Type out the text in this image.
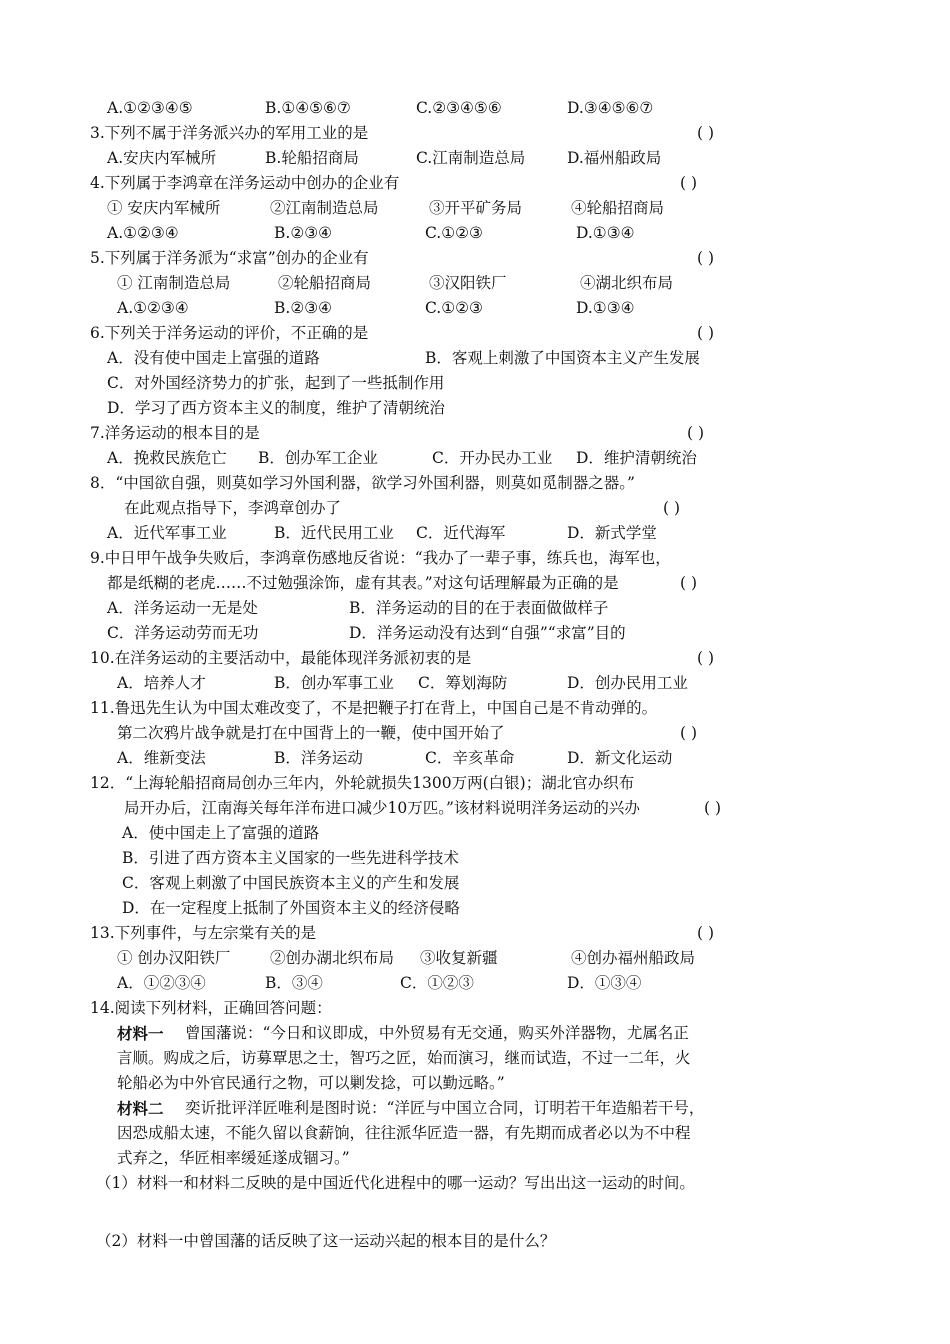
A.①②③④⑤	B.①④⑤⑥⑦	C.②③④⑤⑥	D.③④⑤⑥⑦
3.下列不属于洋务派兴办的军用工业的是	( )
A.安庆内军械所	B.轮船招商局	C.江南制造总局	D.福州船政局
4.下列属于李鸿章在洋务运动中创办的企业有	( )
① 安庆内军械所	②江南制造总局	③开平矿务局	④轮船招商局
A.①②③④	B.②③④	C.①②③	D.①③④
5.下列属于洋务派为“求富”创办的企业有	( )
① 江南制造总局	②轮船招商局	③汉阳铁厂	④湖北织布局
A.①②③④	B.②③④	C.①②③	D.①③④
6.下列关于洋务运动的评价，不正确的是	( )
A．没有使中国走上富强的道路	B．客观上刺激了中国资本主义产生发展
C．对外国经济势力的扩张，起到了一些抵制作用
D．学习了西方资本主义的制度，维护了清朝统治
7.洋务运动的根本目的是	( )
A．挽救民族危亡 B．创办军工企业	C．开办民办工业 D．维护清朝统治
8．“中国欲自强，则莫如学习外国利器，欲学习外国利器，则莫如觅制器之器。”
在此观点指导下，李鸿章创办了	( )
A．近代军事工业	B．近代民用工业 C．近代海军	D．新式学堂
9.中日甲午战争失败后，李鸿章伤感地反省说：“我办了一辈子事，练兵也，海军也，
都是纸糊的老虎……不过勉强涂饰，虚有其表。”对这句话理解最为正确的是	( )
A．洋务运动一无是处	B．洋务运动的目的在于表面做做样子
C．洋务运动劳而无功	D．洋务运动没有达到“自强”“求富”目的
10.在洋务运动的主要活动中，最能体现洋务派初衷的是	( )
A．培养人才	B．创办军事工业 C．筹划海防	D．创办民用工业
11.鲁迅先生认为中国太难改变了，不是把鞭子打在背上，中国自己是不肯动弹的。
第二次鸦片战争就是打在中国背上的一鞭，使中国开始了	( )
A．维新变法	B．洋务运动	C．辛亥革命	D．新文化运动
12．“上海轮船招商局创办三年内，外轮就损失1300万两(白银)；湖北官办织布
局开办后，江南海关每年洋布进口减少10万匹。”该材料说明洋务运动的兴办	( )
A．使中国走上了富强的道路
B．引进了西方资本主义国家的一些先进科学技术
C．客观上刺激了中国民族资本主义的产生和发展
D．在一定程度上抵制了外国资本主义的经济侵略
13.下列事件，与左宗棠有关的是	( )
① 创办汉阳铁厂	②创办湖北织布局 ③收复新疆	④创办福州船政局
A．①②③④	B．③④	C．①②③	D．①③④
14.阅读下列材料，正确回答问题：
材料一 曾国藩说：“今日和议即成，中外贸易有无交通，购买外洋器物，尤属名正
言顺。购成之后，访募覃思之士，智巧之匠，始而演习，继而试造，不过一二年，火
轮船必为中外官民通行之物，可以剿发捻，可以勤远略。”
材料二 奕䜣批评洋匠唯利是图时说：“洋匠与中国立合同，订明若干年造船若干号，
因恐成船太速，不能久留以食薪饷，往往派华匠造一器，有先期而成者必以为不中程
式弃之，华匠相率缓延遂成锢习。”
（1）材料一和材料二反映的是中国近代化进程中的哪一运动？写出出这一运动的时间。
（2）材料一中曾国藩的话反映了这一运动兴起的根本目的是什么？
